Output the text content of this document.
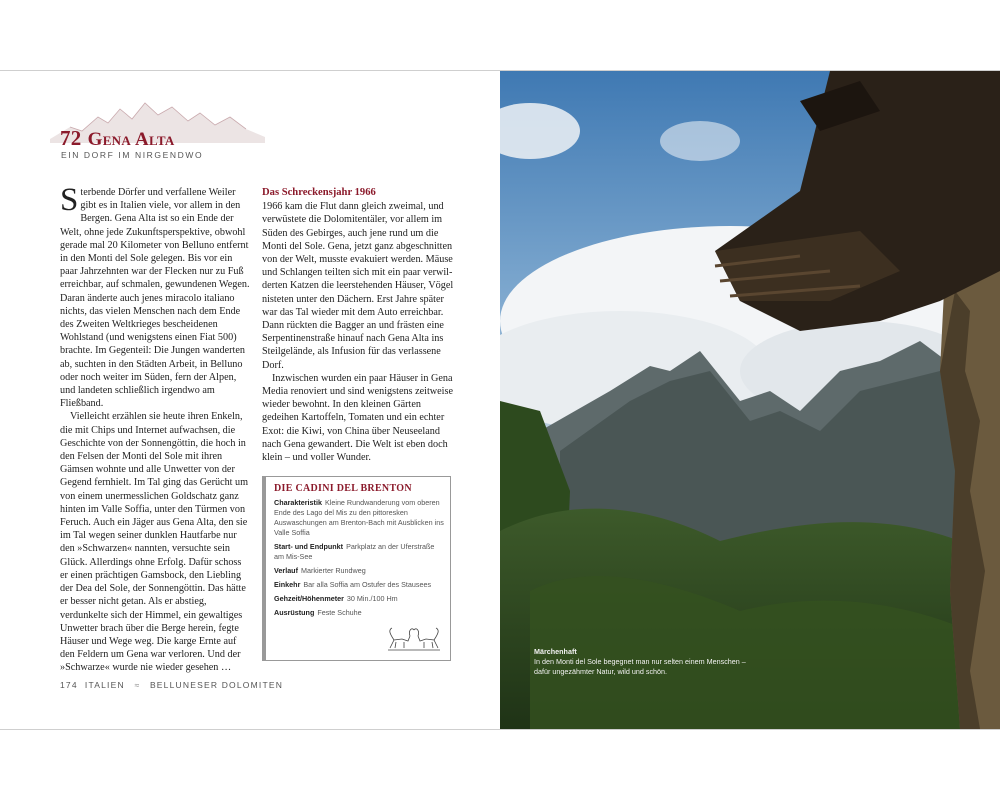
72 Gena Alta
EIN DORF IM NIRGENDWO

Sterbende Dörfer und verfallene Weiler gibt es in Italien viele, vor allem in den Bergen. Gena Alta ist so ein Ende der Welt, ohne jede Zukunftsperspektive, obwohl gerade mal 20 Kilometer von Belluno entfernt in den Monti del Sole gelegen. Bis vor ein paar Jahrzehnten war der Flecken nur zu Fuß erreichbar, auf schmalen, gewundenen Wegen. Daran änderte auch jenes miracolo italiano nichts, das vielen Menschen nach dem Ende des Zweiten Weltkrieges bescheidenen Wohlstand (und wenigstens einen Fiat 500) brachte. Im Gegenteil: Die Jungen wanderten ab, suchten in den Städten Arbeit, in Belluno oder noch weiter im Süden, fern der Alpen, und landeten schließlich irgendwo am Fließband.

Vielleicht erzählen sie heute ihren Enkeln, die mit Chips und Internet aufwachsen, die Geschichte von der Sonnengöttin, die hoch in den Felsen der Monti del Sole mit ihren Gämsen wohnte und alle Unwetter von der Gegend fernhielt. Im Tal ging das Gerücht um von einem unermesslichen Goldschatz ganz hinten im Valle Soffia, unter den Türmen von Feruch. Auch ein Jäger aus Gena Alta, den sie im Tal wegen seiner dunklen Hautfarbe nur den »Schwarzen« nannten, versuchte sein Glück. Allerdings ohne Erfolg. Dafür schoss er einen prächtigen Gamsbock, den Liebling der Dea del Sole, der Sonnengöttin. Das hätte er besser nicht getan. Als er abstieg, verdunkelte sich der Himmel, ein gewaltiges Unwetter brach über die Berge herein, fegte Häuser und Wege weg. Die karge Ernte auf den Feldern um Gena war verloren. Und der »Schwarze« wurde nie wieder gesehen …

Das Schreckensjahr 1966

1966 kam die Flut dann gleich zweimal, und verwüstete die Dolomitentäler, vor allem im Süden des Gebirges, auch jene rund um die Monti del Sole. Gena, jetzt ganz abgeschnitten von der Welt, musste evakuiert werden. Mäuse und Schlangen teilten sich mit ein paar verwilderten Katzen die leerstehenden Häuser, Vögel nisteten unter den Dächern. Erst Jahre später war das Tal wieder mit dem Auto erreichbar. Dann rückten die Bagger an und frästen eine Serpentinenstraße hinauf nach Gena Alta ins Steilgelände, als Infusion für das verlassene Dorf.

Inzwischen wurden ein paar Häuser in Gena Media renoviert und sind wenigstens zeitweise wieder bewohnt. In den kleinen Gärten gedeihen Kartoffeln, Tomaten und ein echter Exot: die Kiwi, von China über Neuseeland nach Gena gewandert. Die Welt ist eben doch klein – und voller Wunder.

DIE CADINI DEL BRENTON
Charakteristik Kleine Rundwanderung vom oberen Ende des Lago del Mis zu den pittoresken Auswaschungen am Brenton-Bach mit Ausblicken ins Valle Soffia
Start- und Endpunkt Parkplatz an der Uferstraße am Mis-See
Verlauf Markierter Rundweg
Einkehr Bar alla Soffia am Ostufer des Stausees
Gehzeit/Höhenmeter 30 Min./100 Hm
Ausrüstung Feste Schuhe
174 ITALIEN ≈ BELLUNESER DOLOMITEN
Märchenhaft
In den Monti del Sole begegnet man nur selten einem Menschen – dafür ungezähmter Natur, wild und schön.
